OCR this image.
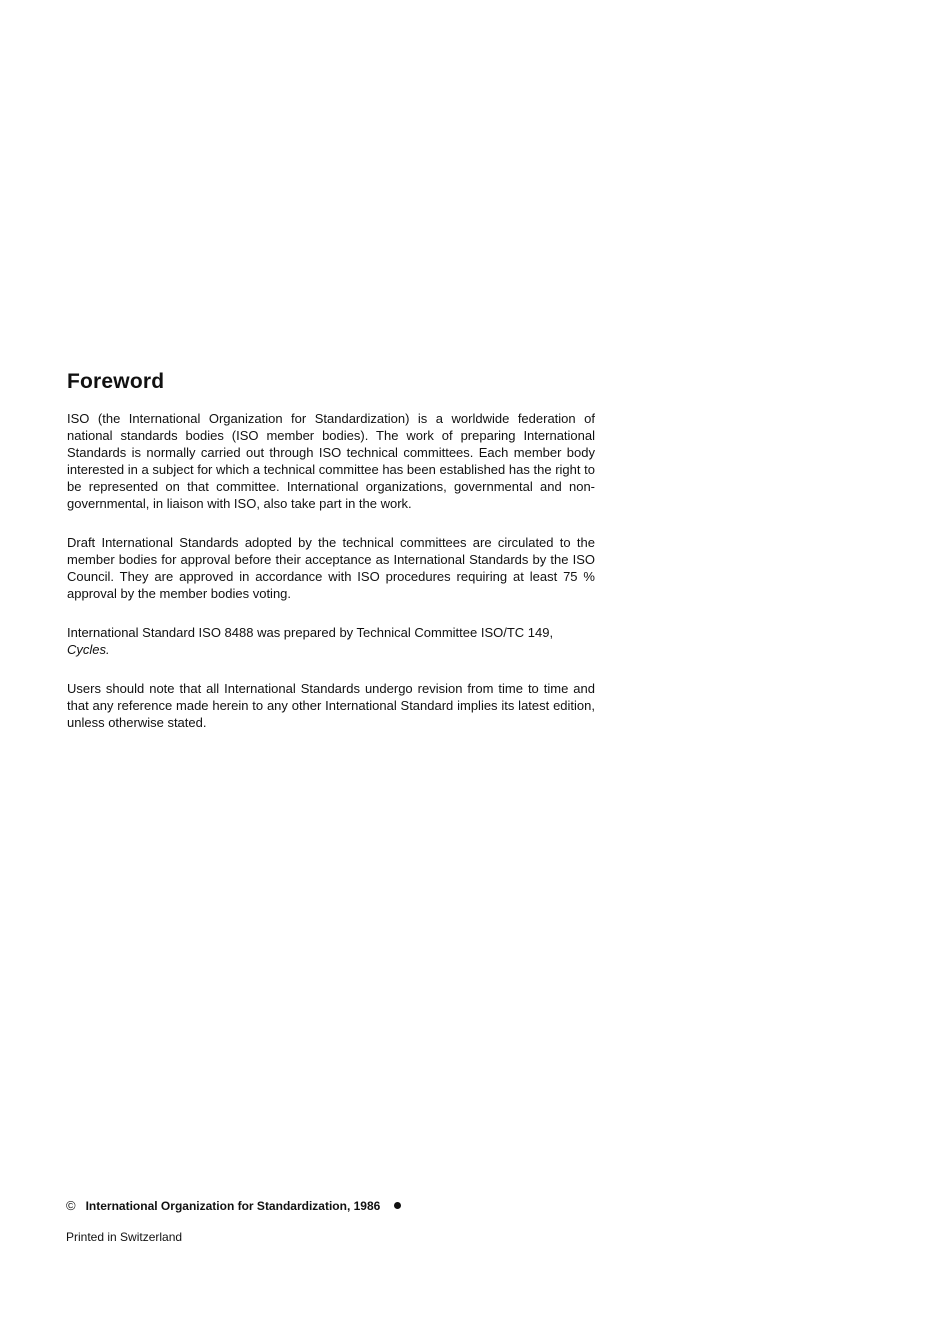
Foreword

ISO (the International Organization for Standardization) is a worldwide federation of national standards bodies (ISO member bodies). The work of preparing International Standards is normally carried out through ISO technical committees. Each member body interested in a subject for which a technical committee has been established has the right to be represented on that committee. International organizations, governmental and non-governmental, in liaison with ISO, also take part in the work.

Draft International Standards adopted by the technical committees are circulated to the member bodies for approval before their acceptance as International Standards by the ISO Council. They are approved in accordance with ISO procedures requiring at least 75 % approval by the member bodies voting.

International Standard ISO 8488 was prepared by Technical Committee ISO/TC 149,
Cycles.

Users should note that all International Standards undergo revision from time to time and that any reference made herein to any other International Standard implies its latest edition, unless otherwise stated.

© International Organization for Standardization, 1986
Printed in Switzerland
